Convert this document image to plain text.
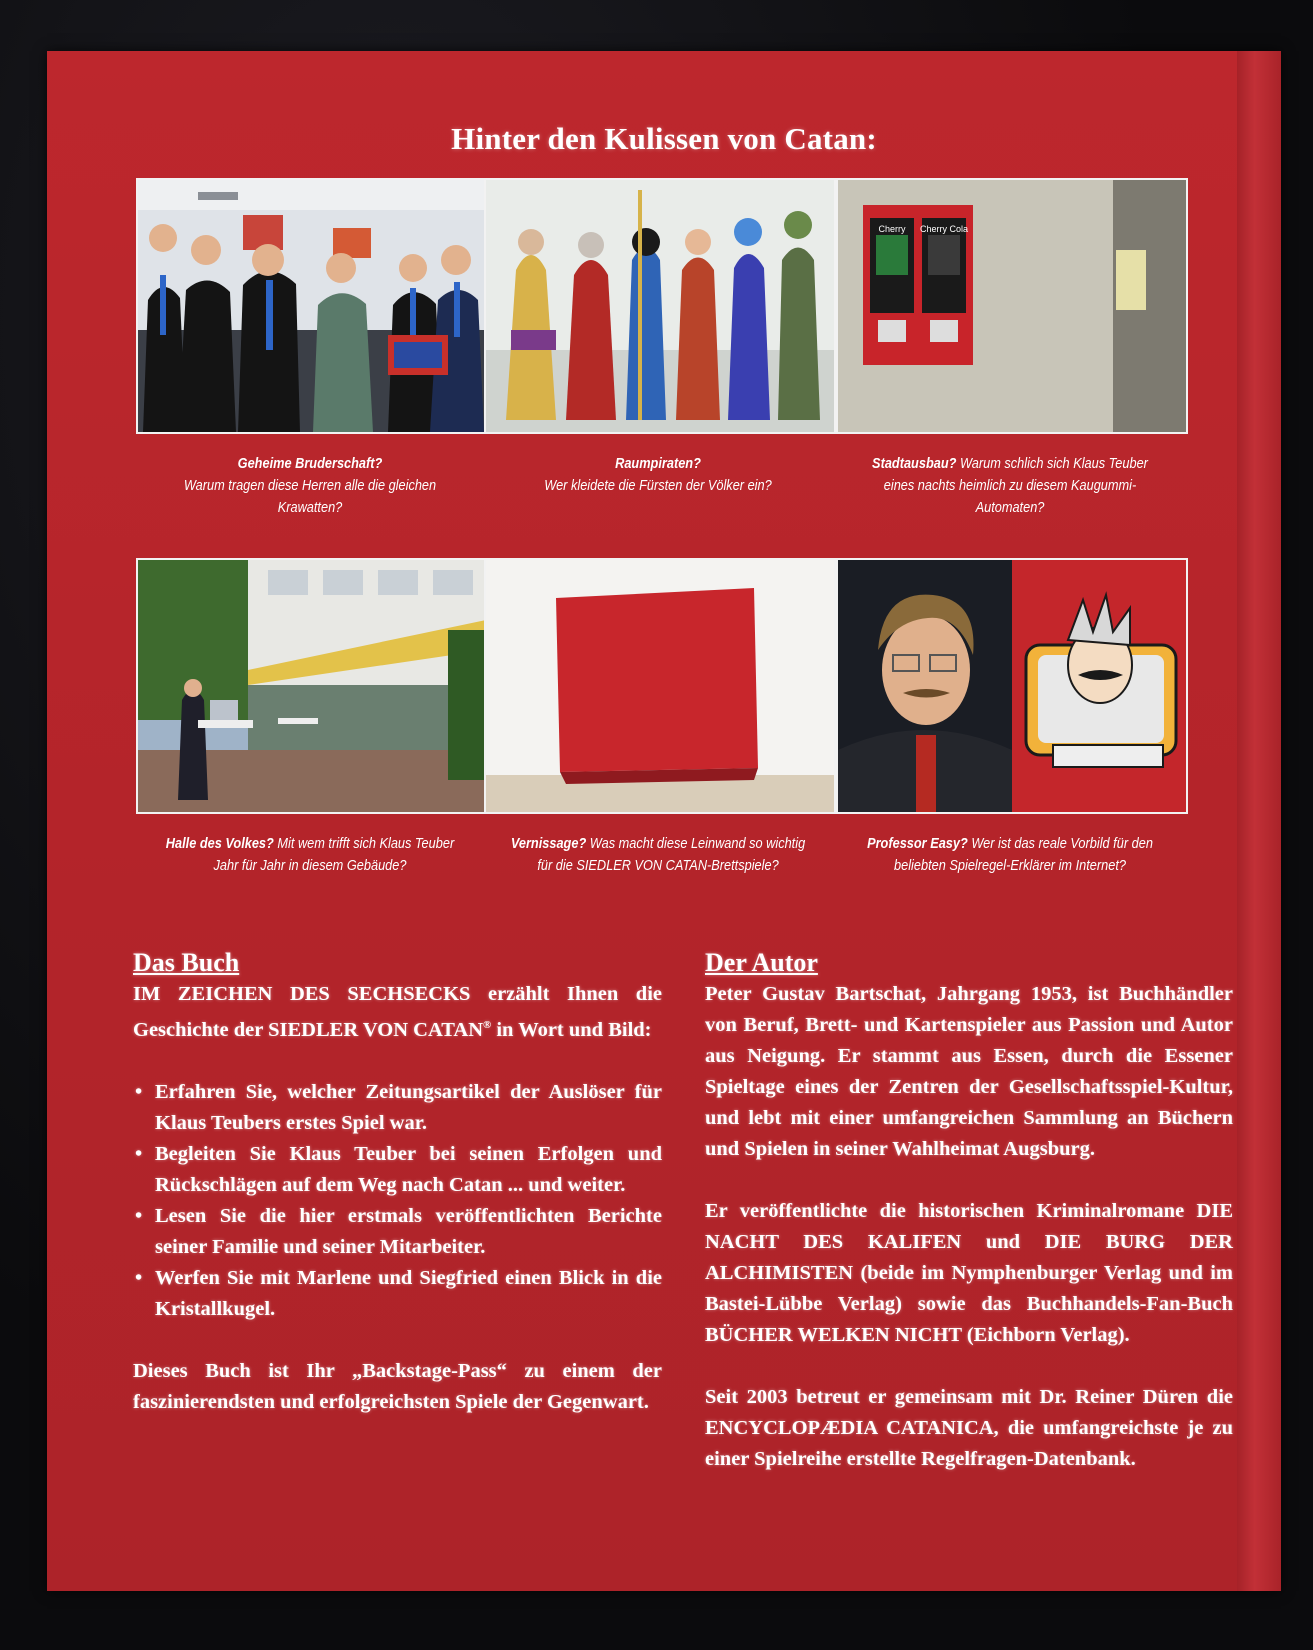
Hinter den Kulissen von Catan:
Cherry Cherry Cola
Geheime Bruderschaft?
Warum tragen diese Herren alle die gleichen Krawatten?
Raumpiraten?
Wer kleidete die Fürsten der Völker ein?
Stadtausbau? Warum schlich sich Klaus Teuber eines nachts heimlich zu diesem Kaugummi-Automaten?
Halle des Volkes? Mit wem trifft sich Klaus Teuber Jahr für Jahr in diesem Gebäude?
Vernissage? Was macht diese Leinwand so wichtig für die SIEDLER VON CATAN-Brettspiele?
Professor Easy? Wer ist das reale Vorbild für den beliebten Spielregel-Erklärer im Internet?
Das Buch

IM ZEICHEN DES SECHSECKS erzählt Ihnen die Geschichte der SIEDLER VON CATAN® in Wort und Bild:

• Erfahren Sie, welcher Zeitungsartikel der Auslöser für Klaus Teubers erstes Spiel war.
• Begleiten Sie Klaus Teuber bei seinen Erfolgen und Rückschlägen auf dem Weg nach Catan ... und weiter.
• Lesen Sie die hier erstmals veröffentlichten Berichte seiner Familie und seiner Mitarbeiter.
• Werfen Sie mit Marlene und Siegfried einen Blick in die Kristallkugel.

Dieses Buch ist Ihr „Backstage-Pass“ zu einem der faszinierendsten und erfolgreichsten Spiele der Gegenwart.

Der Autor

Peter Gustav Bartschat, Jahrgang 1953, ist Buchhändler von Beruf, Brett- und Kartenspieler aus Passion und Autor aus Neigung. Er stammt aus Essen, durch die Essener Spieltage eines der Zentren der Gesellschaftsspiel-Kultur, und lebt mit einer umfangreichen Sammlung an Büchern und Spielen in seiner Wahlheimat Augsburg.

Er veröffentlichte die historischen Kriminalromane DIE NACHT DES KALIFEN und DIE BURG DER ALCHIMISTEN (beide im Nymphenburger Verlag und im Bastei-Lübbe Verlag) sowie das Buchhandels-Fan-Buch BÜCHER WELKEN NICHT (Eichborn Verlag).

Seit 2003 betreut er gemeinsam mit Dr. Reiner Düren die ENCYCLOPÆDIA CATANICA, die umfangreichste je zu einer Spielreihe erstellte Regelfragen-Datenbank.
